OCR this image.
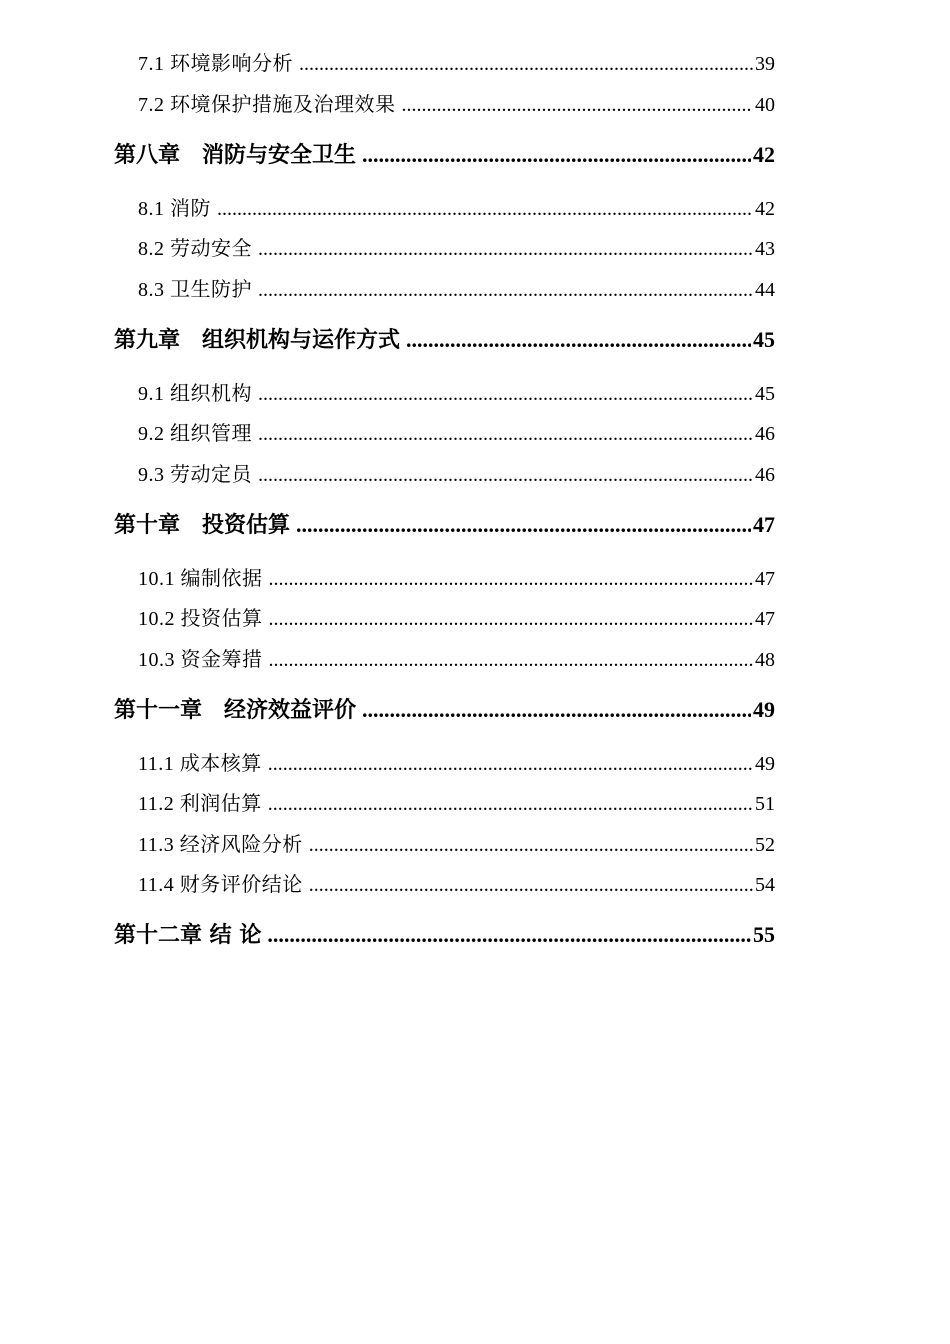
7.1 环境影响分析 .....	39
7.2 环境保护措施及治理效果 .....	40
第八章　消防与安全卫生 .....	42
8.1 消防 .....	42
8.2 劳动安全 .....	43
8.3 卫生防护 .....	44
第九章　组织机构与运作方式 .....	45
9.1 组织机构 .....	45
9.2 组织管理 .....	46
9.3 劳动定员 .....	46
第十章　投资估算 .....	47
10.1 编制依据 .....	47
10.2 投资估算 .....	47
10.3 资金筹措 .....	48
第十一章　经济效益评价 .....	49
11.1 成本核算 .....	49
11.2 利润估算 .....	51
11.3 经济风险分析 .....	52
11.4 财务评价结论 .....	54
第十二章 结 论 .....	55
